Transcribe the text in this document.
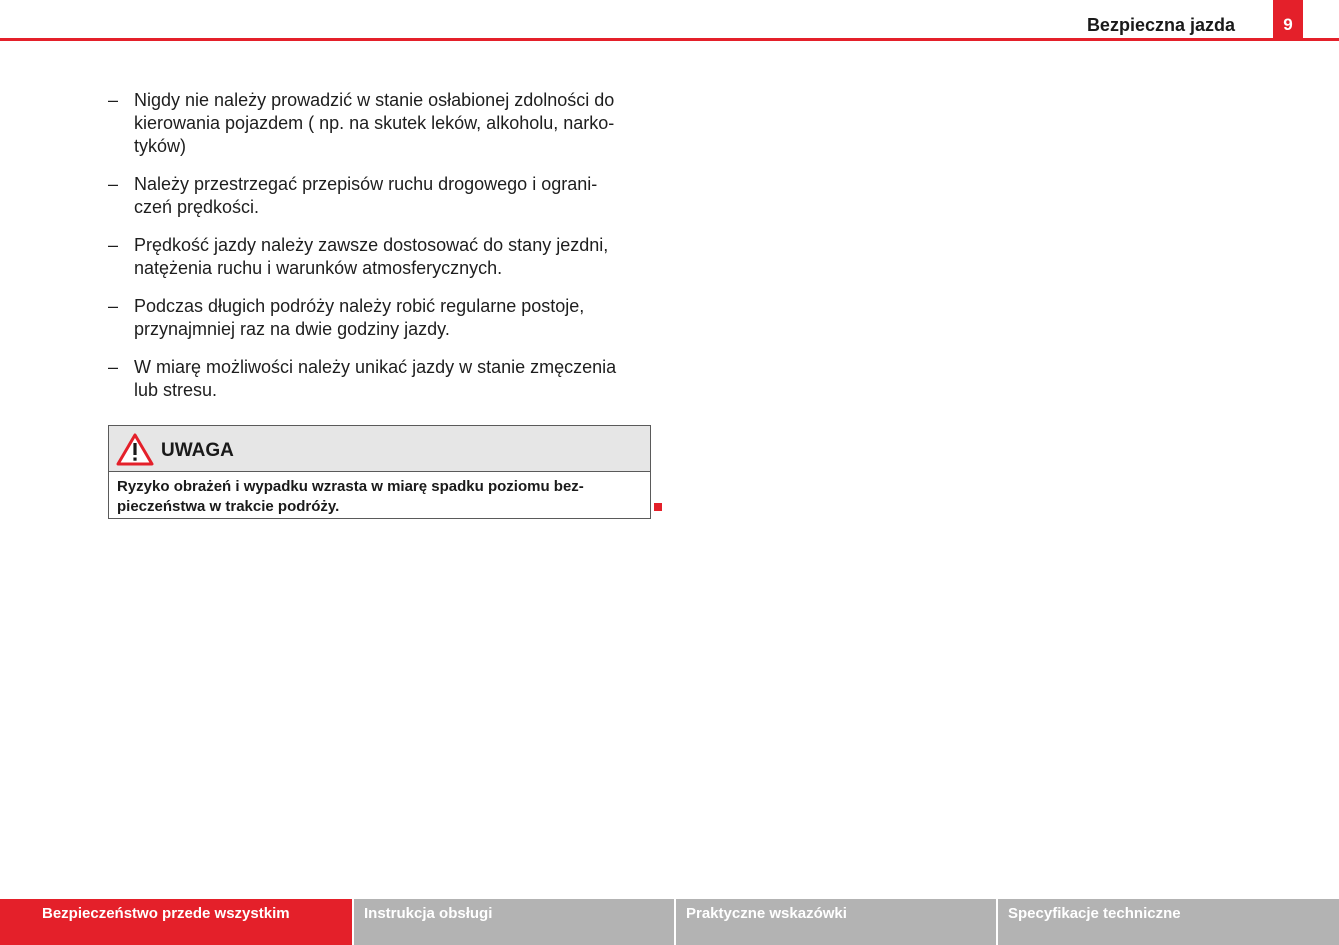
Bezpieczna jazda	9
– Nigdy nie należy prowadzić w stanie osłabionej zdolności do
kierowania pojazdem ( np. na skutek leków, alkoholu, narko-
tyków)
– Należy przestrzegać przepisów ruchu drogowego i ograni-
czeń prędkości.
– Prędkość jazdy należy zawsze dostosować do stany jezdni,
natężenia ruchu i warunków atmosferycznych.
– Podczas długich podróży należy robić regularne postoje,
przynajmniej raz na dwie godziny jazdy.
– W miarę możliwości należy unikać jazdy w stanie zmęczenia
lub stresu.
UWAGA
Ryzyko obrażeń i wypadku wzrasta w miarę spadku poziomu bez-
pieczeństwa w trakcie podróży.
Bezpieczeństwo przede wszystkim	Instrukcja obsługi	Praktyczne wskazówki	Specyfikacje techniczne
